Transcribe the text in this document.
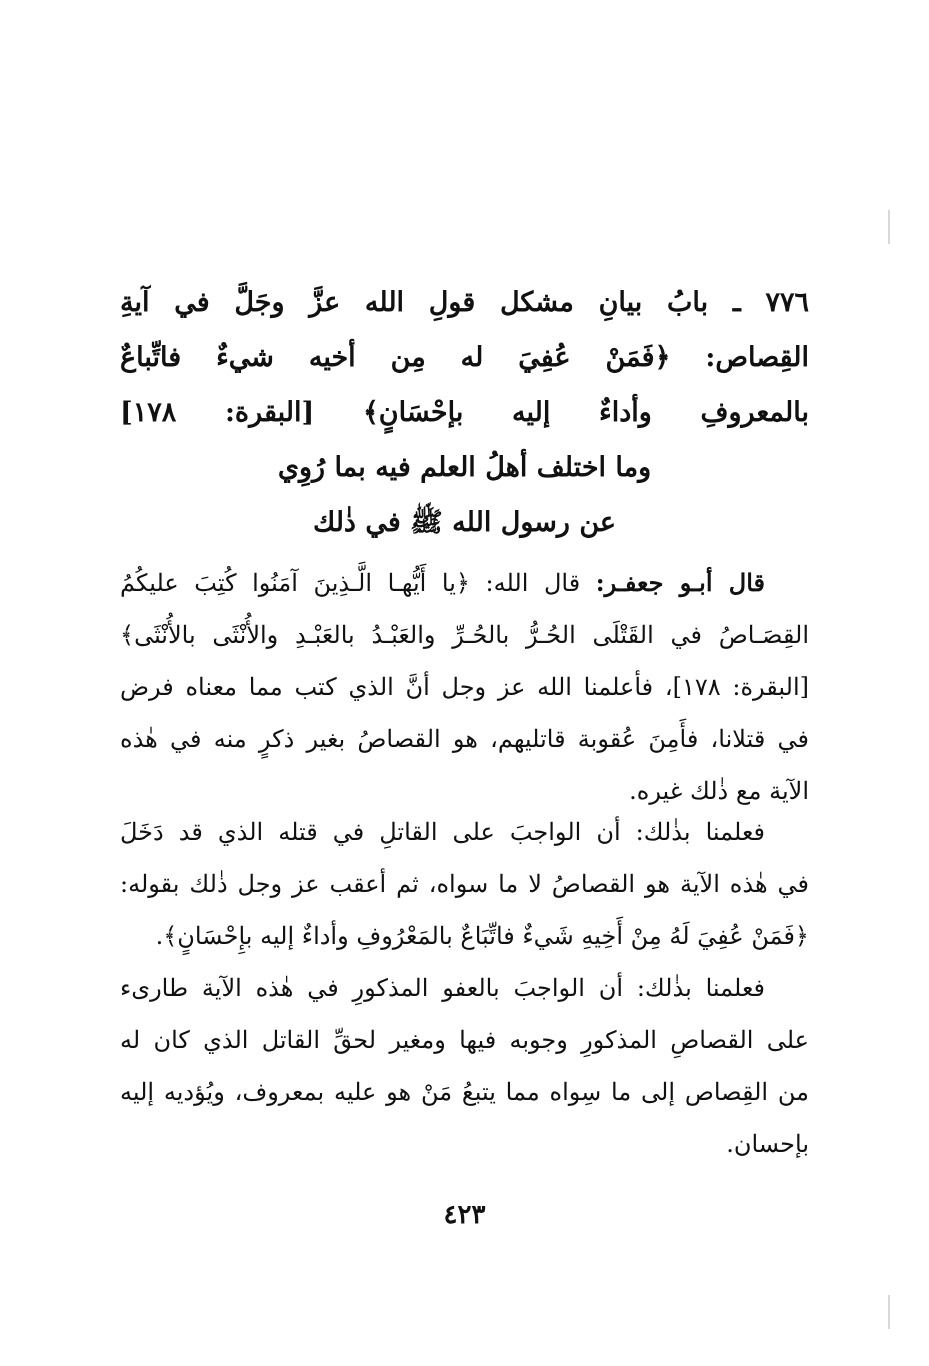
٧٧٦ ـ بابُ بيانِ مشكل قولِ الله عزَّ وجَلَّ في آيةِ
القِصاص: ﴿فَمَنْ عُفِيَ له مِن أخيه شيءٌ فاتِّباعٌ
بالمعروفِ وأداءٌ إليه بإحْسَانٍ﴾ [البقرة: ١٧٨]
وما اختلف أهلُ العلم فيه بما رُوِي
عن رسول الله ﷺ في ذٰلك
قال أبـو جعفـر: قال الله: ﴿يا أَيُّهـا الَّـذِينَ آمَنُوا كُتِبَ عليكُمُ
القِصَـاصُ في القَتْلَى الحُـرُّ بالحُـرِّ والعَبْـدُ بالعَبْـدِ والأُنْثَى بالأُنْثَى﴾
[البقرة: ١٧٨]، فأعلمنا الله عز وجل أنَّ الذي كتب مما معناه فرض
في قتلانا، فأَمِنَ عُقوبة قاتليهم، هو القصاصُ بغير ذكرٍ منه في هٰذه
الآية مع ذٰلك غيره.
فعلمنا بذٰلك: أن الواجبَ على القاتلِ في قتله الذي قد دَخَلَ
في هٰذه الآية هو القصاصُ لا ما سواه، ثم أعقب عز وجل ذٰلك بقوله:
﴿فَمَنْ عُفِيَ لَهُ مِنْ أَخِيهِ شَيءٌ فاتِّبَاعٌ بالمَعْرُوفِ وأداءٌ إليه بإِحْسَانٍ﴾.
فعلمنا بذٰلك: أن الواجبَ بالعفو المذكورِ في هٰذه الآية طارىء
على القصاصِ المذكورِ وجوبه فيها ومغير لحقِّ القاتل الذي كان له
من القِصاص إلى ما سِواه مما يتبعُ مَنْ هو عليه بمعروف، ويُؤديه إليه
بإحسان.
٤٢٣
